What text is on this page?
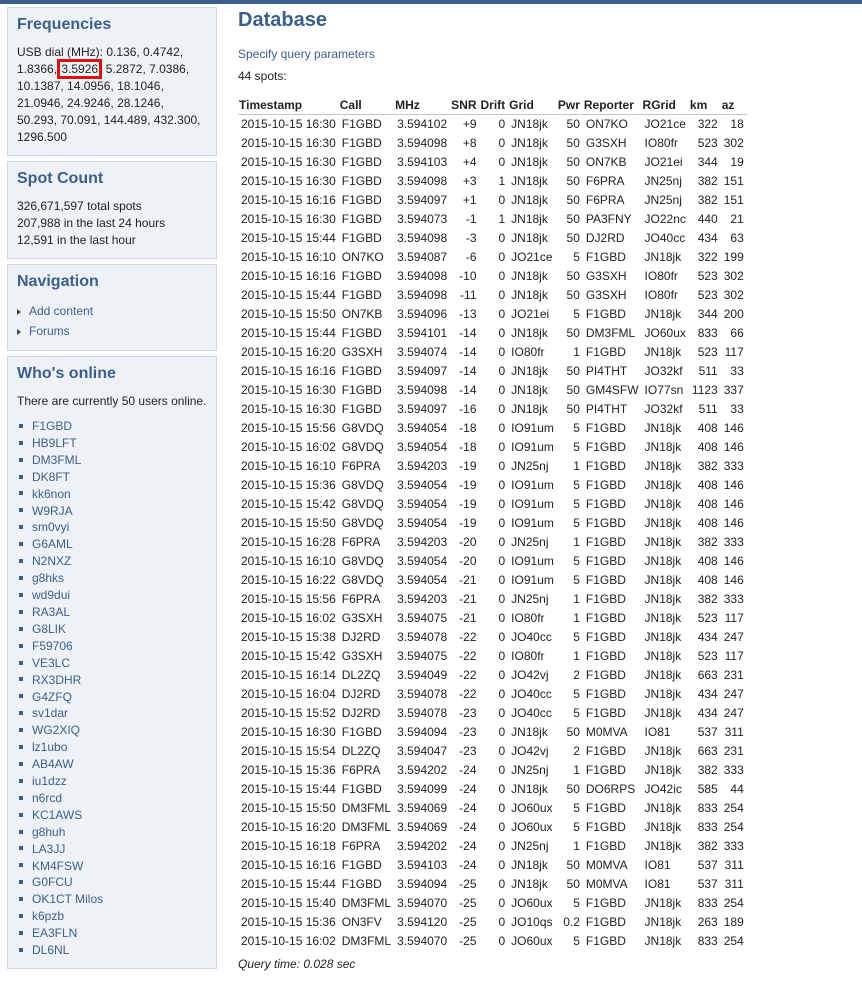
Frequencies

USB dial (MHz): 0.136, 0.4742, 1.8366, 3.5926, 5.2872, 7.0386, 10.1387, 14.0956, 18.1046, 21.0946, 24.9246, 28.1246, 50.293, 70.091, 144.489, 432.300, 1296.500

Spot Count
326,671,597 total spots
207,988 in the last 24 hours
12,591 in the last hour
Navigation
Add content
Forums
Who's online

There are currently 50 users online.

F1GBD
HB9LFT
DM3FML
DK8FT
kk6non
W9RJA
sm0vyi
G6AML
N2NXZ
g8hks
wd9dui
RA3AL
G8LIK
F59706
VE3LC
RX3DHR
G4ZFQ
sv1dar
WG2XIQ
lz1ubo
AB4AW
iu1dzz
n6rcd
KC1AWS
g8huh
LA3JJ
KM4FSW
G0FCU
OK1CT Milos
k6pzb
EA3FLN
DL6NL
Database
Specify query parameters
44 spots:
Timestamp	Call	MHz	SNR	Drift	Grid	Pwr	Reporter	RGrid	km	az
2015-10-15 16:30	F1GBD	3.594102	+9	0	JN18jk	50	ON7KO	JO21ce	322	18
2015-10-15 16:30	F1GBD	3.594098	+8	0	JN18jk	50	G3SXH	IO80fr	523	302
2015-10-15 16:30	F1GBD	3.594103	+4	0	JN18jk	50	ON7KB	JO21ei	344	19
2015-10-15 16:30	F1GBD	3.594098	+3	1	JN18jk	50	F6PRA	JN25nj	382	151
2015-10-15 16:16	F1GBD	3.594097	+1	0	JN18jk	50	F6PRA	JN25nj	382	151
2015-10-15 16:30	F1GBD	3.594073	-1	1	JN18jk	50	PA3FNY	JO22nc	440	21
2015-10-15 15:44	F1GBD	3.594098	-3	0	JN18jk	50	DJ2RD	JO40cc	434	63
2015-10-15 16:10	ON7KO	3.594087	-6	0	JO21ce	5	F1GBD	JN18jk	322	199
2015-10-15 16:16	F1GBD	3.594098	-10	0	JN18jk	50	G3SXH	IO80fr	523	302
2015-10-15 15:44	F1GBD	3.594098	-11	0	JN18jk	50	G3SXH	IO80fr	523	302
2015-10-15 15:50	ON7KB	3.594096	-13	0	JO21ei	5	F1GBD	JN18jk	344	200
2015-10-15 15:44	F1GBD	3.594101	-14	0	JN18jk	50	DM3FML	JO60ux	833	66
2015-10-15 16:20	G3SXH	3.594074	-14	0	IO80fr	1	F1GBD	JN18jk	523	117
2015-10-15 16:16	F1GBD	3.594097	-14	0	JN18jk	50	PI4THT	JO32kf	511	33
2015-10-15 16:30	F1GBD	3.594098	-14	0	JN18jk	50	GM4SFW	IO77sn	1123	337
2015-10-15 16:30	F1GBD	3.594097	-16	0	JN18jk	50	PI4THT	JO32kf	511	33
2015-10-15 15:56	G8VDQ	3.594054	-18	0	IO91um	5	F1GBD	JN18jk	408	146
2015-10-15 16:02	G8VDQ	3.594054	-18	0	IO91um	5	F1GBD	JN18jk	408	146
2015-10-15 16:10	F6PRA	3.594203	-19	0	JN25nj	1	F1GBD	JN18jk	382	333
2015-10-15 15:36	G8VDQ	3.594054	-19	0	IO91um	5	F1GBD	JN18jk	408	146
2015-10-15 15:42	G8VDQ	3.594054	-19	0	IO91um	5	F1GBD	JN18jk	408	146
2015-10-15 15:50	G8VDQ	3.594054	-19	0	IO91um	5	F1GBD	JN18jk	408	146
2015-10-15 16:28	F6PRA	3.594203	-20	0	JN25nj	1	F1GBD	JN18jk	382	333
2015-10-15 16:10	G8VDQ	3.594054	-20	0	IO91um	5	F1GBD	JN18jk	408	146
2015-10-15 16:22	G8VDQ	3.594054	-21	0	IO91um	5	F1GBD	JN18jk	408	146
2015-10-15 15:56	F6PRA	3.594203	-21	0	JN25nj	1	F1GBD	JN18jk	382	333
2015-10-15 16:02	G3SXH	3.594075	-21	0	IO80fr	1	F1GBD	JN18jk	523	117
2015-10-15 15:38	DJ2RD	3.594078	-22	0	JO40cc	5	F1GBD	JN18jk	434	247
2015-10-15 15:42	G3SXH	3.594075	-22	0	IO80fr	1	F1GBD	JN18jk	523	117
2015-10-15 16:14	DL2ZQ	3.594049	-22	0	JO42vj	2	F1GBD	JN18jk	663	231
2015-10-15 16:04	DJ2RD	3.594078	-22	0	JO40cc	5	F1GBD	JN18jk	434	247
2015-10-15 15:52	DJ2RD	3.594078	-23	0	JO40cc	5	F1GBD	JN18jk	434	247
2015-10-15 16:30	F1GBD	3.594094	-23	0	JN18jk	50	M0MVA	IO81	537	311
2015-10-15 15:54	DL2ZQ	3.594047	-23	0	JO42vj	2	F1GBD	JN18jk	663	231
2015-10-15 15:36	F6PRA	3.594202	-24	0	JN25nj	1	F1GBD	JN18jk	382	333
2015-10-15 15:44	F1GBD	3.594099	-24	0	JN18jk	50	DO6RPS	JO42ic	585	44
2015-10-15 15:50	DM3FML	3.594069	-24	0	JO60ux	5	F1GBD	JN18jk	833	254
2015-10-15 16:20	DM3FML	3.594069	-24	0	JO60ux	5	F1GBD	JN18jk	833	254
2015-10-15 16:18	F6PRA	3.594202	-24	0	JN25nj	1	F1GBD	JN18jk	382	333
2015-10-15 16:16	F1GBD	3.594103	-24	0	JN18jk	50	M0MVA	IO81	537	311
2015-10-15 15:44	F1GBD	3.594094	-25	0	JN18jk	50	M0MVA	IO81	537	311
2015-10-15 15:40	DM3FML	3.594070	-25	0	JO60ux	5	F1GBD	JN18jk	833	254
2015-10-15 15:36	ON3FV	3.594120	-25	0	JO10qs	0.2	F1GBD	JN18jk	263	189
2015-10-15 16:02	DM3FML	3.594070	-25	0	JO60ux	5	F1GBD	JN18jk	833	254
Query time: 0.028 sec
